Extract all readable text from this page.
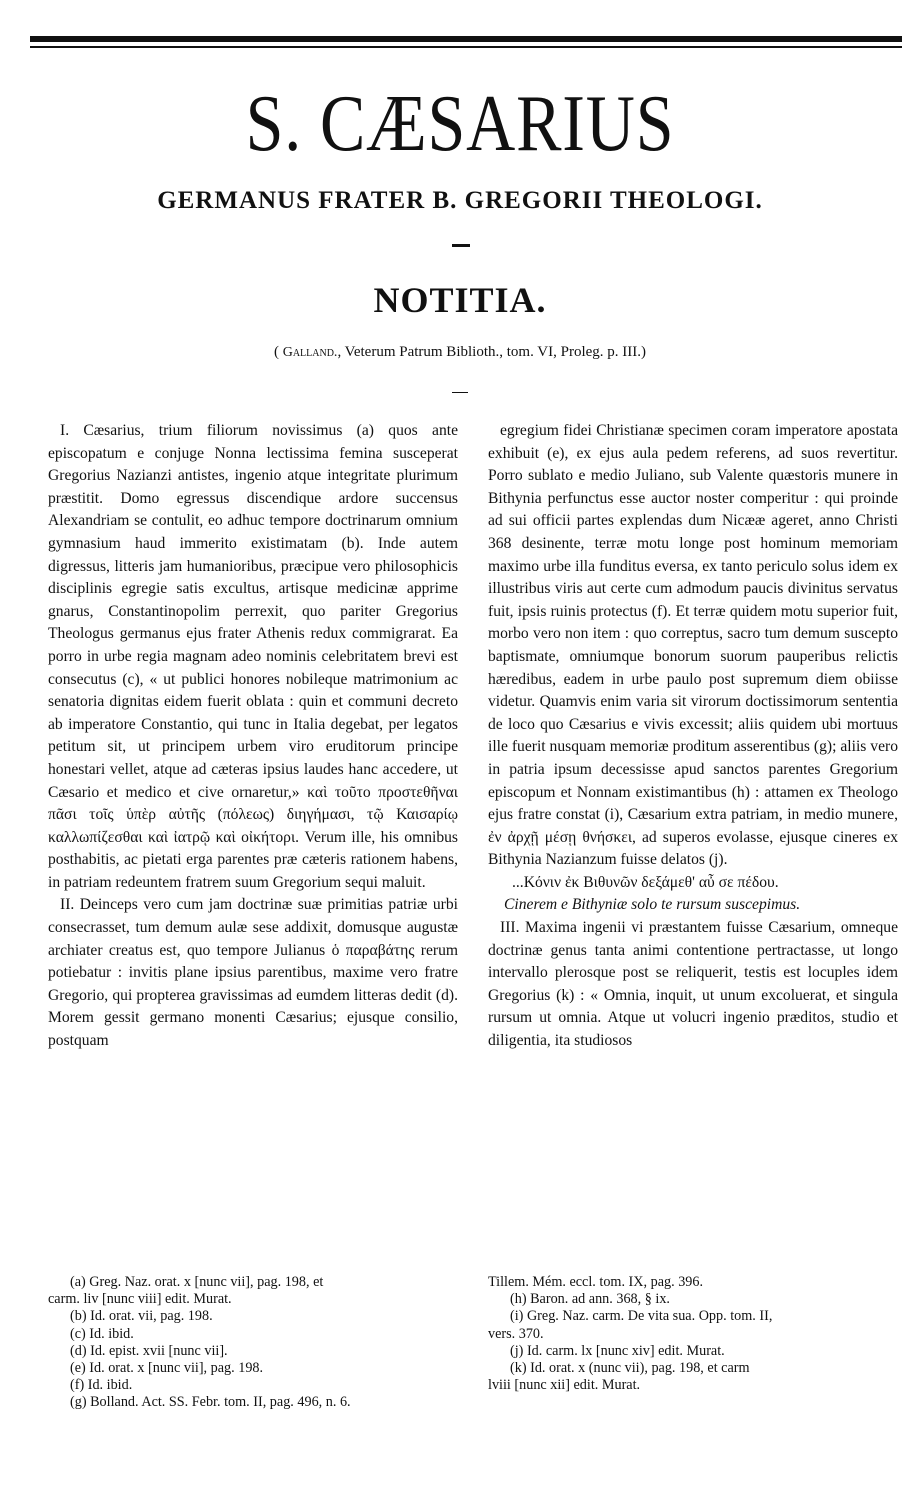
S. CÆSARIUS
GERMANUS FRATER B. GREGORII THEOLOGI.
NOTITIA.
( Galland., Veterum Patrum Biblioth., tom. VI, Proleg. p. III.)

I. Cæsarius, trium filiorum novissimus (a) quos ante episcopatum e conjuge Nonna lectissima femina susceperat Gregorius Nazianzi antistes, ingenio atque integritate plurimum præstitit. Domo egressus discendique ardore succensus Alexandriam se contulit, eo adhuc tempore doctrinarum omnium gymnasium haud immerito existimatam (b). Inde autem digressus, litteris jam humanioribus, præcipue vero philosophicis disciplinis egregie satis excultus, artisque medicinæ apprime gnarus, Constantinopolim perrexit, quo pariter Gregorius Theologus germanus ejus frater Athenis redux commigrarat. Ea porro in urbe regia magnam adeo nominis celebritatem brevi est consecutus (c), « ut publici honores nobileque matrimonium ac senatoria dignitas eidem fuerit oblata : quin et communi decreto ab imperatore Constantio, qui tunc in Italia degebat, per legatos petitum sit, ut principem urbem viro eruditorum principe honestari vellet, atque ad cæteras ipsius laudes hanc accedere, ut Cæsario et medico et cive ornaretur,» καὶ τοῦτο προστεθῆναι πᾶσι τοῖς ὑπὲρ αὐτῆς (πόλεως) διηγήμασι, τῷ Καισαρίῳ καλλωπίζεσθαι καὶ ἰατρῷ καὶ οἰκήτορι. Verum ille, his omnibus posthabitis, ac pietati erga parentes præ cæteris rationem habens, in patriam redeuntem fratrem suum Gregorium sequi maluit.

II. Deinceps vero cum jam doctrinæ suæ primitias patriæ urbi consecrasset, tum demum aulæ sese addixit, domusque augustæ archiater creatus est, quo tempore Julianus ὁ παραβάτης rerum potiebatur : invitis plane ipsius parentibus, maxime vero fratre Gregorio, qui propterea gravissimas ad eumdem litteras dedit (d). Morem gessit germano monenti Cæsarius; ejusque consilio, postquam

egregium fidei Christianæ specimen coram imperatore apostata exhibuit (e), ex ejus aula pedem referens, ad suos revertitur. Porro sublato e medio Juliano, sub Valente quæstoris munere in Bithynia perfunctus esse auctor noster comperitur : qui proinde ad sui officii partes explendas dum Nicææ ageret, anno Christi 368 desinente, terræ motu longe post hominum memoriam maximo urbe illa funditus eversa, ex tanto periculo solus idem ex illustribus viris aut certe cum admodum paucis divinitus servatus fuit, ipsis ruinis protectus (f). Et terræ quidem motu superior fuit, morbo vero non item : quo correptus, sacro tum demum suscepto baptismate, omniumque bonorum suorum pauperibus relictis hæredibus, eadem in urbe paulo post supremum diem obiisse videtur. Quamvis enim varia sit virorum doctissimorum sententia de loco quo Cæsarius e vivis excessit; aliis quidem ubi mortuus ille fuerit nusquam memoriæ proditum asserentibus (g); aliis vero in patria ipsum decessisse apud sanctos parentes Gregorium episcopum et Nonnam existimantibus (h) : attamen ex Theologo ejus fratre constat (i), Cæsarium extra patriam, in medio munere, ἐν ἀρχῇ μέσῃ θνήσκει, ad superos evolasse, ejusque cineres ex Bithynia Nazianzum fuisse delatos (j).

...Κόνιν ἐκ Βιθυνῶν δεξάμεθ' αὖ σε πέδου.

Cinerem e Bithyniæ solo te rursum suscepimus.

III. Maxima ingenii vi præstantem fuisse Cæsarium, omneque doctrinæ genus tanta animi contentione pertractasse, ut longo intervallo plerosque post se reliquerit, testis est locuples idem Gregorius (k) : « Omnia, inquit, ut unum excoluerat, et singula rursum ut omnia. Atque ut volucri ingenio præditos, studio et diligentia, ita studiosos

(a) Greg. Naz. orat. x [nunc vii], pag. 198, et
carm. liv [nunc viii] edit. Murat.
(b) Id. orat. vii, pag. 198.
(c) Id. ibid.
(d) Id. epist. xvii [nunc vii].
(e) Id. orat. x [nunc vii], pag. 198.
(f) Id. ibid.
(g) Bolland. Act. SS. Febr. tom. II, pag. 496, n. 6.
Tillem. Mém. eccl. tom. IX, pag. 396.
(h) Baron. ad ann. 368, § ix.
(i) Greg. Naz. carm. De vita sua. Opp. tom. II,
vers. 370.
(j) Id. carm. lx [nunc xiv] edit. Murat.
(k) Id. orat. x (nunc vii), pag. 198, et carm
lviii [nunc xii] edit. Murat.
